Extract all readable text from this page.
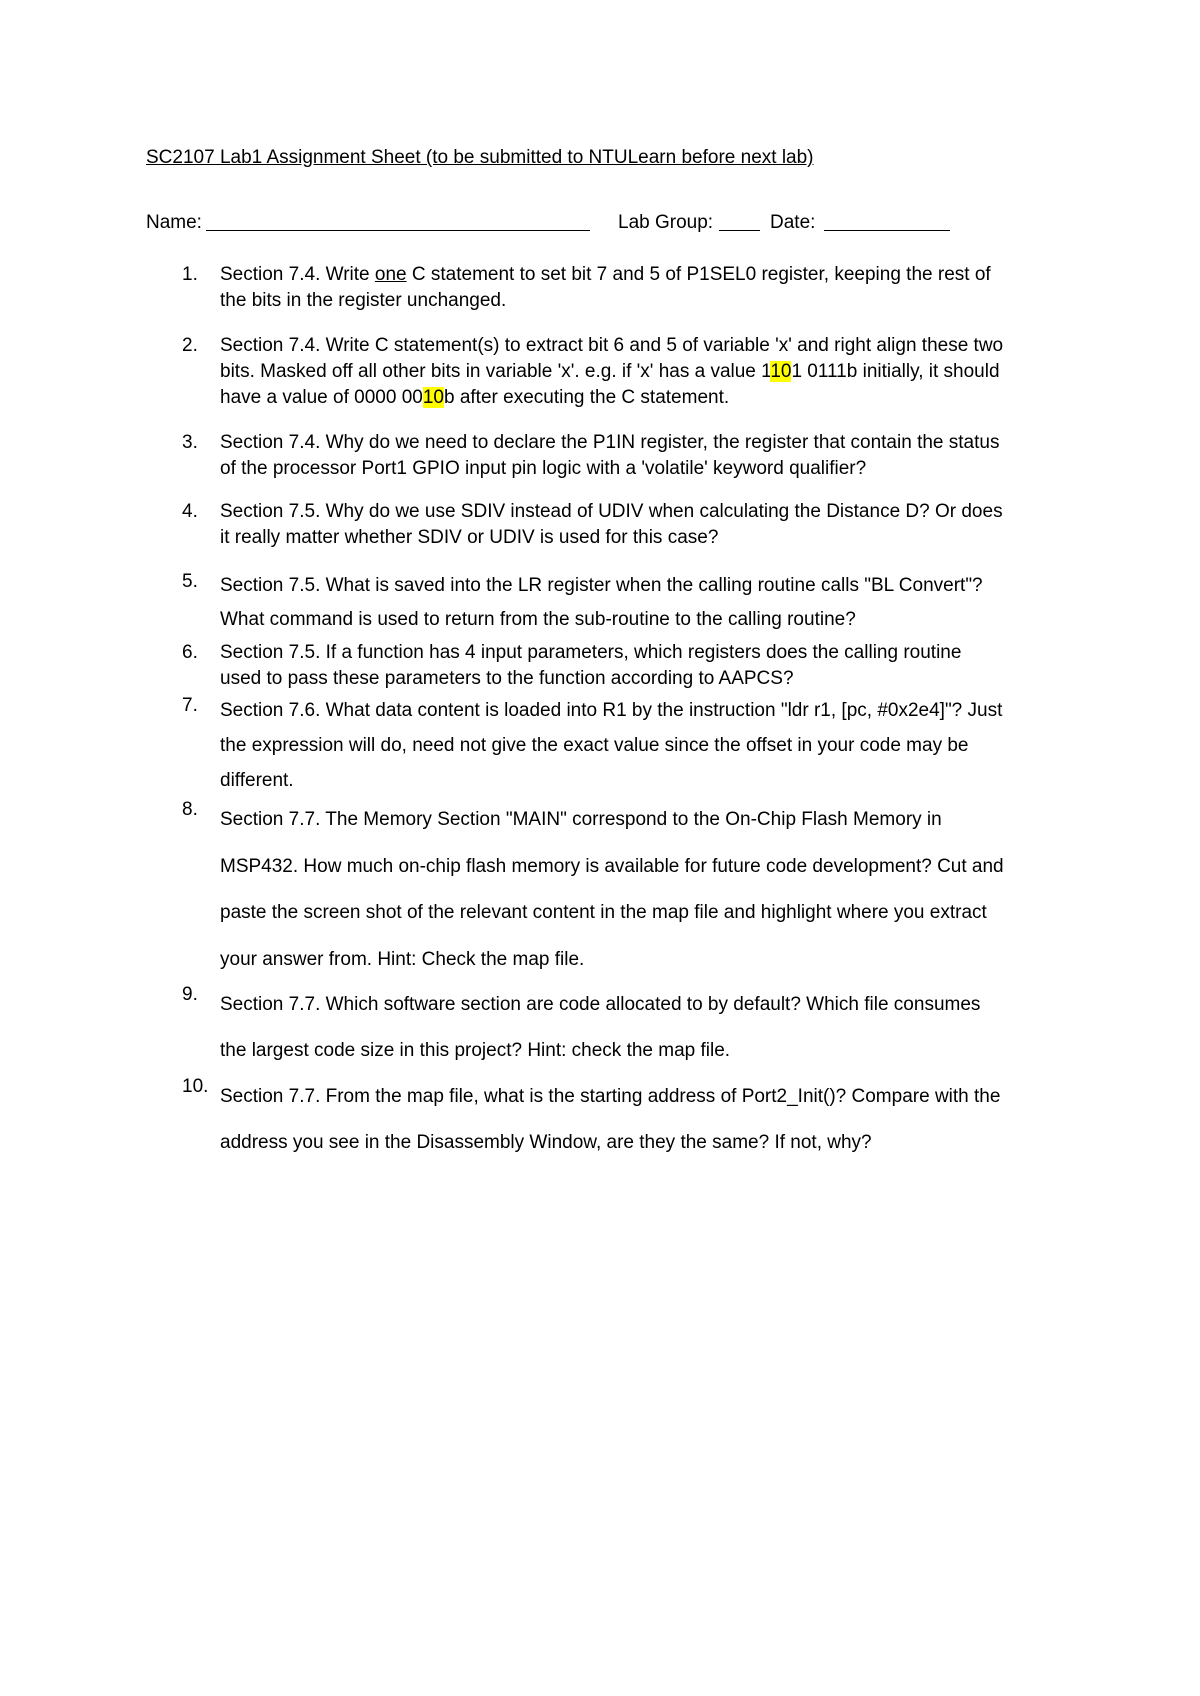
SC2107 Lab1 Assignment Sheet (to be submitted to NTULearn before next lab)
Name:	Lab Group:	Date:
1. Section 7.4. Write one C statement to set bit 7 and 5 of P1SEL0 register, keeping the rest of
the bits in the register unchanged.
2. Section 7.4. Write C statement(s) to extract bit 6 and 5 of variable 'x' and right align these two
bits. Masked off all other bits in variable 'x'. e.g. if 'x' has a value 1101 0111b initially, it should
have a value of 0000 0010b after executing the C statement.
3. Section 7.4. Why do we need to declare the P1IN register, the register that contain the status
of the processor Port1 GPIO input pin logic with a 'volatile' keyword qualifier?
4. Section 7.5. Why do we use SDIV instead of UDIV when calculating the Distance D? Or does
it really matter whether SDIV or UDIV is used for this case?
5. Section 7.5. What is saved into the LR register when the calling routine calls "BL Convert"?
What command is used to return from the sub-routine to the calling routine?
6. Section 7.5. If a function has 4 input parameters, which registers does the calling routine
used to pass these parameters to the function according to AAPCS?
7. Section 7.6. What data content is loaded into R1 by the instruction "ldr r1, [pc, #0x2e4]"? Just
the expression will do, need not give the exact value since the offset in your code may be
different.
8. Section 7.7. The Memory Section "MAIN" correspond to the On-Chip Flash Memory in
MSP432. How much on-chip flash memory is available for future code development? Cut and
paste the screen shot of the relevant content in the map file and highlight where you extract
your answer from. Hint: Check the map file.
9. Section 7.7. Which software section are code allocated to by default? Which file consumes
the largest code size in this project? Hint: check the map file.
10. Section 7.7. From the map file, what is the starting address of Port2_Init()? Compare with the
address you see in the Disassembly Window, are they the same? If not, why?
